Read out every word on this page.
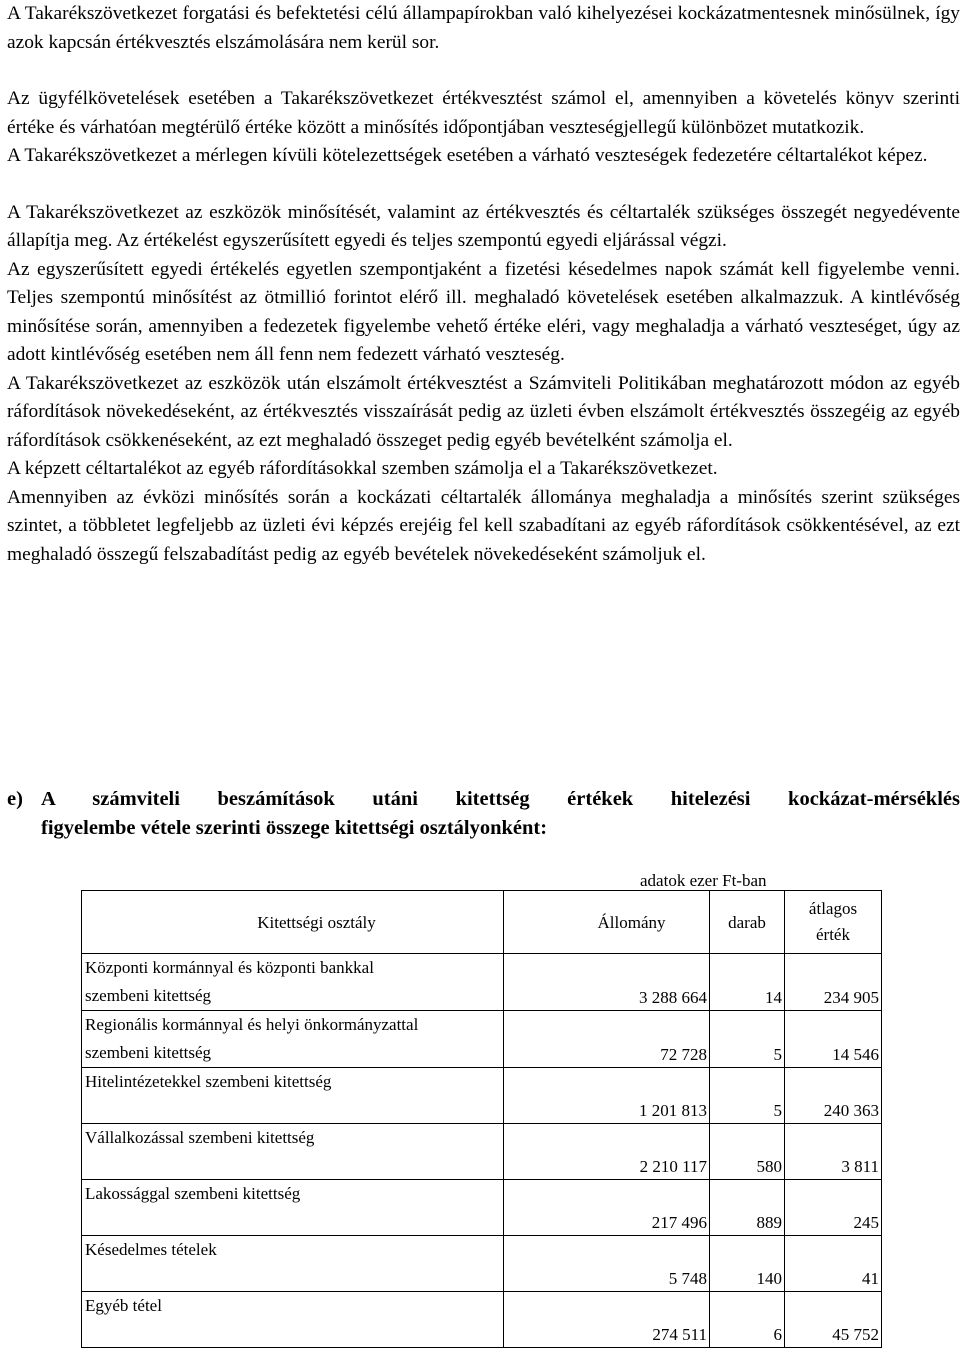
A Takarékszövetkezet forgatási és befektetési célú állampapírokban való kihelyezései kockázatmentesnek minősülnek, így azok kapcsán értékvesztés elszámolására nem kerül sor.

Az ügyfélkövetelések esetében a Takarékszövetkezet értékvesztést számol el, amennyiben a követelés könyv szerinti értéke és várhatóan megtérülő értéke között a minősítés időpontjában veszteségjellegű különbözet mutatkozik.

A Takarékszövetkezet a mérlegen kívüli kötelezettségek esetében a várható veszteségek fedezetére céltartalékot képez.

A Takarékszövetkezet az eszközök minősítését, valamint az értékvesztés és céltartalék szükséges összegét negyedévente állapítja meg. Az értékelést egyszerűsített egyedi és teljes szempontú egyedi eljárással végzi.

Az egyszerűsített egyedi értékelés egyetlen szempontjaként a fizetési késedelmes napok számát kell figyelembe venni. Teljes szempontú minősítést az ötmillió forintot elérő ill. meghaladó követelések esetében alkalmazzuk. A kintlévőség minősítése során, amennyiben a fedezetek figyelembe vehető értéke eléri, vagy meghaladja a várható veszteséget, úgy az adott kintlévőség esetében nem áll fenn nem fedezett várható veszteség.

A Takarékszövetkezet az eszközök után elszámolt értékvesztést a Számviteli Politikában meghatározott módon az egyéb ráfordítások növekedéseként, az értékvesztés visszaírását pedig az üzleti évben elszámolt értékvesztés összegéig az egyéb ráfordítások csökkenéseként, az ezt meghaladó összeget pedig egyéb bevételként számolja el.

A képzett céltartalékot az egyéb ráfordításokkal szemben számolja el a Takarékszövetkezet.

Amennyiben az évközi minősítés során a kockázati céltartalék állománya meghaladja a minősítés szerint szükséges szintet, a többletet legfeljebb az üzleti évi képzés erejéig fel kell szabadítani az egyéb ráfordítások csökkentésével, az ezt meghaladó összegű felszabadítást pedig az egyéb bevételek növekedéseként számoljuk el.

e) A számviteli beszámítások utáni kitettség értékek hitelezési kockázat-mérséklés
figyelembe vétele szerinti összege kitettségi osztályonként:
adatok ezer Ft-ban
Kitettségi osztály	Állomány	darab	átlagos
érték
Központi kormánnyal és központi bankkal
szembeni kitettség	3 288 664	14	234 905
Regionális kormánnyal és helyi önkormányzattal
szembeni kitettség	72 728	5	14 546
Hitelintézetekkel szembeni kitettség	1 201 813	5	240 363
Vállalkozással szembeni kitettség	2 210 117	580	3 811
Lakossággal szembeni kitettség	217 496	889	245
Késedelmes tételek	5 748	140	41
Egyéb tétel	274 511	6	45 752
